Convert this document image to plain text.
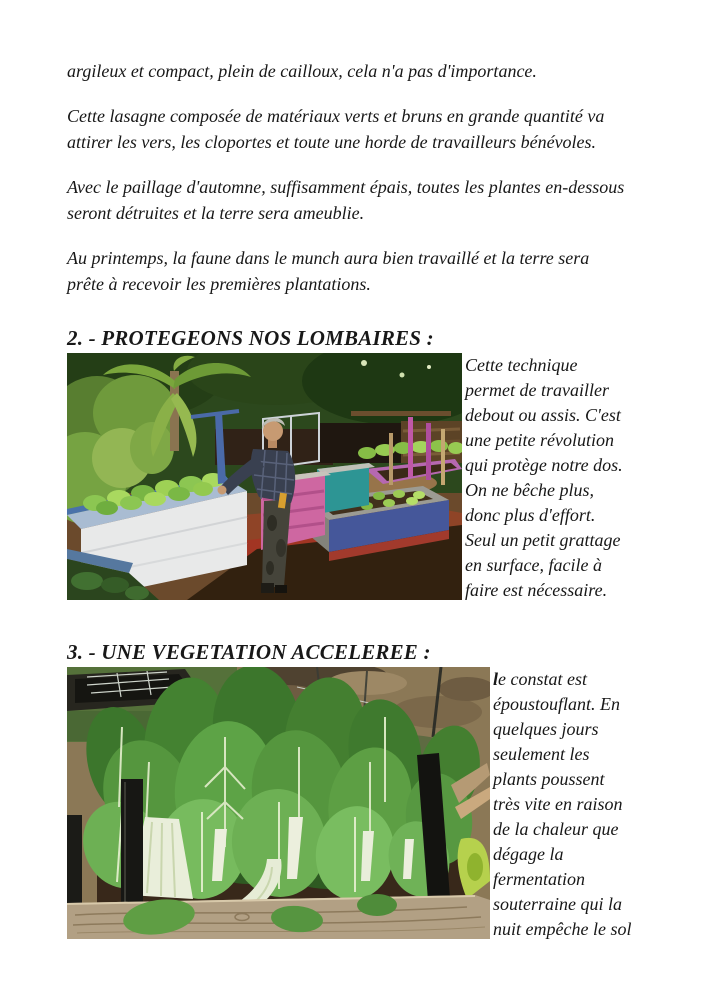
argileux et compact, plein de cailloux, cela n'a pas d'importance.

Cette lasagne composée de matériaux verts et bruns en grande quantité va attirer les vers, les cloportes et toute une horde de travailleurs bénévoles.

Avec le paillage d'automne, suffisamment épais, toutes les plantes en-dessous seront détruites et la terre sera ameublie.

Au printemps, la faune dans le munch aura bien travaillé et la terre sera prête à recevoir les premières plantations.

2. - PROTEGEONS NOS LOMBAIRES :

Cette technique
permet de travailler
debout ou assis. C'est
une petite révolution
qui protège notre dos.
On ne bêche plus,
donc plus d'effort.
Seul un petit grattage
en surface, facile à
faire est nécessaire.

3. - UNE VEGETATION ACCELEREE :

le constat est
époustouflant. En
quelques jours
seulement les
plants poussent
très vite en raison
de la chaleur que
dégage la
fermentation
souterraine qui la
nuit empêche le sol
